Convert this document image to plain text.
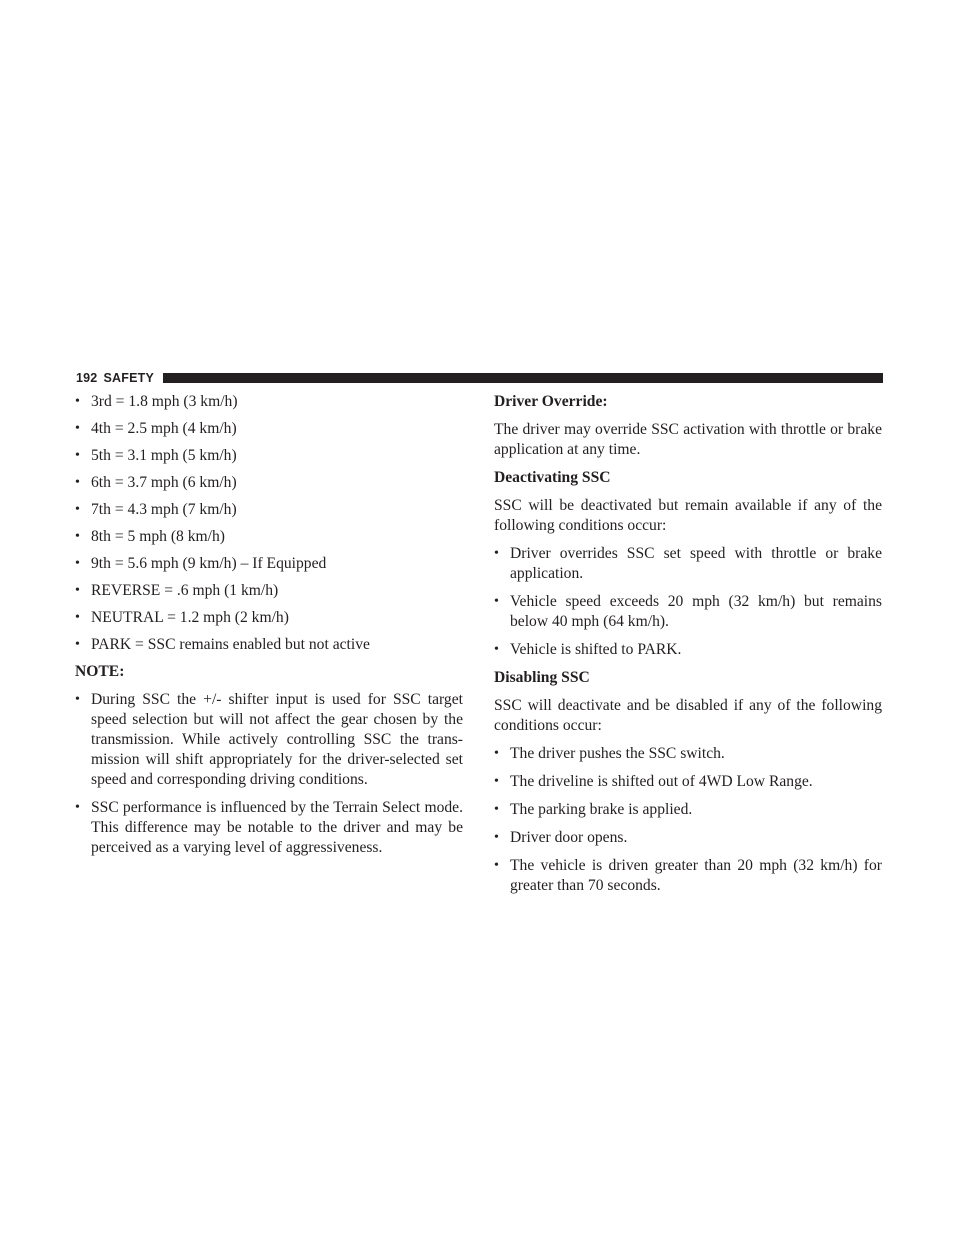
192 SAFETY
• 3rd = 1.8 mph (3 km/h)
• 4th = 2.5 mph (4 km/h)
• 5th = 3.1 mph (5 km/h)
• 6th = 3.7 mph (6 km/h)
• 7th = 4.3 mph (7 km/h)
• 8th = 5 mph (8 km/h)
• 9th = 5.6 mph (9 km/h) – If Equipped
• REVERSE = .6 mph (1 km/h)
• NEUTRAL = 1.2 mph (2 km/h)
• PARK = SSC remains enabled but not active
NOTE:
• During SSC the +/- shifter input is used for SSC target speed selection but will not affect the gear chosen by the transmission. While actively controlling SSC the trans- mission will shift appropriately for the driver-selected set speed and corresponding driving conditions.
• SSC performance is influenced by the Terrain Select mode. This difference may be notable to the driver and may be perceived as a varying level of aggressiveness.
Driver Override:
The driver may override SSC activation with throttle or brake application at any time.
Deactivating SSC
SSC will be deactivated but remain available if any of the following conditions occur:
• Driver overrides SSC set speed with throttle or brake application.
• Vehicle speed exceeds 20 mph (32 km/h) but remains below 40 mph (64 km/h).
• Vehicle is shifted to PARK.
Disabling SSC
SSC will deactivate and be disabled if any of the following conditions occur:
• The driver pushes the SSC switch.
• The driveline is shifted out of 4WD Low Range.
• The parking brake is applied.
• Driver door opens.
• The vehicle is driven greater than 20 mph (32 km/h) for greater than 70 seconds.
